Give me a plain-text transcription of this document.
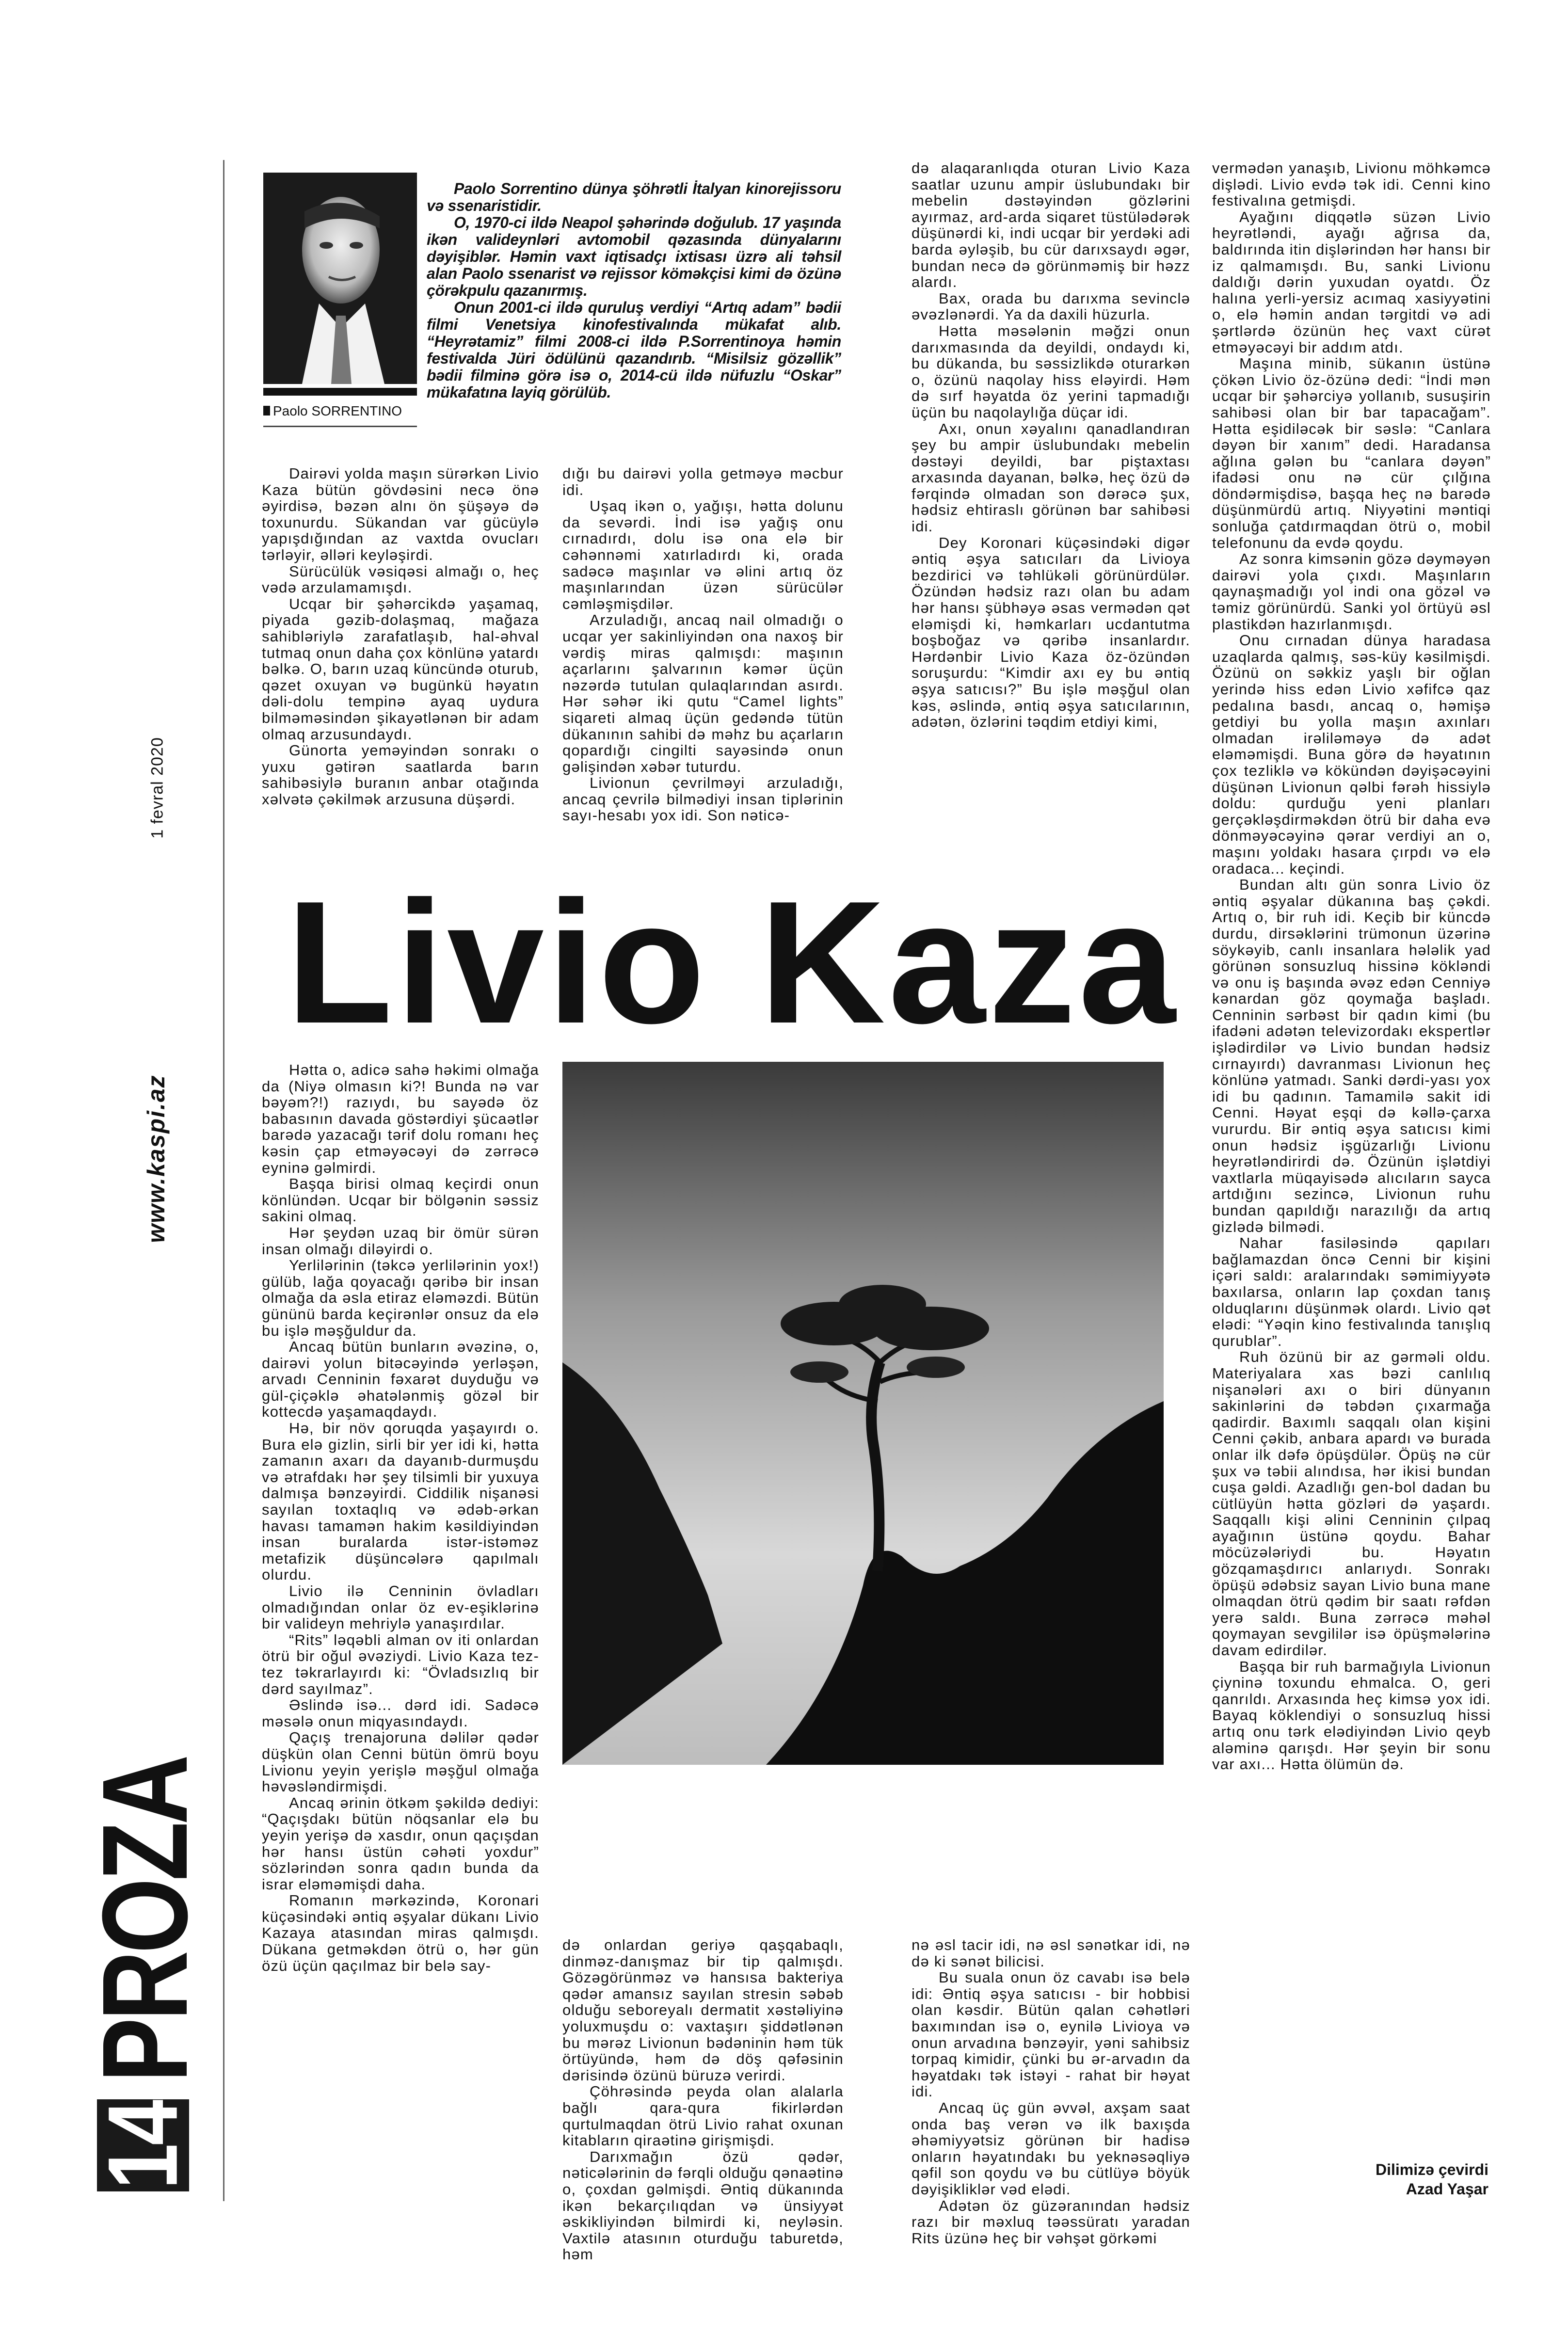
1 fevral 2020
www.kaspi.az
PROZA
14
Paolo SORRENTINO

Paolo Sorrentino dünya şöhrətli İtalyan kinorejissoru və ssenaristidir.

O, 1970-ci ildə Neapol şəhərində doğulub. 17 yaşında ikən valideynləri avtomobil qəzasında dünyalarını dəyişiblər. Həmin vaxt iqtisadçı ixtisası üzrə ali təhsil alan Paolo ssenarist və rejissor köməkçisi kimi də özünə çörəkpulu qazanırmış.

Onun 2001-ci ildə quruluş verdiyi “Artıq adam” bədii filmi Venetsiya kinofestivalında mükafat alıb. “Heyrətamiz” filmi 2008-ci ildə P.Sorrentinoya həmin festivalda Jüri ödülünü qazandırıb. “Misilsiz gözəllik” bədii filminə görə isə o, 2014-cü ildə nüfuzlu “Oskar” mükafatına layiq görülüb.

Dairəvi yolda maşın sürərkən Livio Kaza bütün gövdəsini necə önə əyirdisə, bəzən alnı ön şüşəyə də toxunurdu. Sükandan var gücüylə yapışdığından az vaxtda ovucları tərləyir, əlləri keyləşirdi.

Sürücülük vəsiqəsi almağı o, heç vədə arzulamamışdı.

Ucqar bir şəhərcikdə yaşamaq, piyada gəzib-dolaşmaq, mağaza sahibləriylə zarafatlaşıb, hal-əhval tutmaq onun daha çox könlünə yatardı bəlkə. O, barın uzaq küncündə oturub, qəzet oxuyan və bugünkü həyatın dəli-dolu tempinə ayaq uydura bilməməsindən şikayətlənən bir adam olmaq arzusundaydı.

Günorta yeməyindən sonrakı o yuxu gətirən saatlarda barın sahibəsiylə buranın anbar otağında xəlvətə çəkilmək arzusuna düşərdi.

dığı bu dairəvi yolla getməyə məcbur idi.

Uşaq ikən o, yağışı, hətta dolunu da sevərdi. İndi isə yağış onu cırnadırdı, dolu isə ona elə bir cəhənnəmi xatırladırdı ki, orada sadəcə maşınlar və əlini artıq öz maşınlarından üzən sürücülər cəmləşmişdilər.

Arzuladığı, ancaq nail olmadığı o ucqar yer sakinliyindən ona naxoş bir vərdiş miras qalmışdı: maşının açarlarını şalvarının kəmər üçün nəzərdə tutulan qulaqlarından asırdı. Hər səhər iki qutu “Camel lights” siqareti almaq üçün gedəndə tütün dükanının sahibi də məhz bu açarların qopardığı cingilti sayəsində onun gəlişindən xəbər tuturdu.

Livionun çevrilməyi arzuladığı, ancaq çevrilə bilmədiyi insan tiplərinin sayı-hesabı yox idi. Son nəticə-

də alaqaranlıqda oturan Livio Kaza saatlar uzunu ampir üslubundakı bir mebelin dəstəyindən gözlərini ayırmaz, ard-arda siqaret tüstülədərək düşünərdi ki, indi ucqar bir yerdəki adi barda əyləşib, bu cür darıxsaydı əgər, bundan necə də görünməmiş bir həzz alardı.

Bax, orada bu darıxma sevinclə əvəzlənərdi. Ya da daxili hüzurla.

Hətta məsələnin məğzi onun darıxmasında da deyildi, ondaydı ki, bu dükanda, bu səssizlikdə oturarkən o, özünü naqolay hiss eləyirdi. Həm də sırf həyatda öz yerini tapmadığı üçün bu naqolaylığa düçar idi.

Axı, onun xəyalını qanadlandıran şey bu ampir üslubundakı mebelin dəstəyi deyildi, bar piştaxtası arxasında dayanan, bəlkə, heç özü də fərqində olmadan son dərəcə şux, hədsiz ehtiraslı görünən bar sahibəsi idi.

Dey Koronari küçəsindəki digər əntiq əşya satıcıları da Livioya bezdirici və təhlükəli görünürdülər. Özündən hədsiz razı olan bu adam hər hansı şübhəyə əsas vermədən qət eləmişdi ki, həmkarları ucdantutma boşboğaz və qəribə insanlardır. Hərdənbir Livio Kaza öz-özündən soruşurdu: “Kimdir axı ey bu əntiq əşya satıcısı?” Bu işlə məşğul olan kəs, əslində, əntiq əşya satıcılarının, adətən, özlərini təqdim etdiyi kimi,

Livio Kaza

Hətta o, adicə sahə həkimi olmağa da (Niyə olmasın ki?! Bunda nə var bəyəm?!) razıydı, bu sayədə öz babasının davada göstərdiyi şücaətlər barədə yazacağı tərif dolu romanı heç kəsin çap etməyəcəyi də zərrəcə eyninə gəlmirdi.

Başqa birisi olmaq keçirdi onun könlündən. Ucqar bir bölgənin səssiz sakini olmaq.

Hər şeydən uzaq bir ömür sürən insan olmağı diləyirdi o.

Yerlilərinin (təkcə yerlilərinin yox!) gülüb, lağa qoyacağı qəribə bir insan olmağa da əsla etiraz eləməzdi. Bütün gününü barda keçirənlər onsuz da elə bu işlə məşğuldur da.

Ancaq bütün bunların əvəzinə, o, dairəvi yolun bitəcəyində yerləşən, arvadı Cenninin fəxarət duyduğu və gül-çiçəklə əhatələnmiş gözəl bir kottecdə yaşamaqdaydı.

Hə, bir növ qoruqda yaşayırdı o. Bura elə gizlin, sirli bir yer idi ki, hətta zamanın axarı da dayanıb-durmuşdu və ətrafdakı hər şey tilsimli bir yuxuya dalmışa bənzəyirdi. Ciddilik nişanəsi sayılan toxtaqlıq və ədəb-ərkan havası tamamən hakim kəsildiyindən insan buralarda istər-istəməz metafizik düşüncələrə qapılmalı olurdu.

Livio ilə Cenninin övladları olmadığından onlar öz ev-eşiklərinə bir valideyn mehriylə yanaşırdılar.

“Rits” ləqəbli alman ov iti onlardan ötrü bir oğul əvəziydi. Livio Kaza tez-tez təkrarlayırdı ki: “Övladsızlıq bir dərd sayılmaz”.

Əslində isə... dərd idi. Sadəcə məsələ onun miqyasındaydı.

Qaçış trenajoruna dəlilər qədər düşkün olan Cenni bütün ömrü boyu Livionu yeyin yerişlə məşğul olmağa həvəsləndirmişdi.

Ancaq ərinin ötkəm şəkildə dediyi: “Qaçışdakı bütün nöqsanlar elə bu yeyin yerişə də xasdır, onun qaçışdan hər hansı üstün cəhəti yoxdur” sözlərindən sonra qadın bunda da israr eləməmişdi daha.

Romanın mərkəzində, Koronari küçəsindəki əntiq əşyalar dükanı Livio Kazaya atasından miras qalmışdı. Dükana getməkdən ötrü o, hər gün özü üçün qaçılmaz bir belə say-

də onlardan geriyə qaşqabaqlı, dinməz-danışmaz bir tip qalmışdı. Gözəgörünməz və hansısa bakteriya qədər amansız sayılan stresin səbəb olduğu seboreyalı dermatit xəstəliyinə yoluxmuşdu o: vaxtaşırı şiddətlənən bu mərəz Livionun bədəninin həm tük örtüyündə, həm də döş qəfəsinin dərisində özünü büruzə verirdi.

Çöhrəsində peyda olan alalarla bağlı qara-qura fikirlərdən qurtulmaqdan ötrü Livio rahat oxunan kitabların qiraətinə girişmişdi.

Darıxmağın özü qədər, nəticələrinin də fərqli olduğu qənaətinə o, çoxdan gəlmişdi. Əntiq dükanında ikən bekarçılıqdan və ünsiyyət əskikliyindən bilmirdi ki, neyləsin. Vaxtilə atasının oturduğu taburetdə, həm

nə əsl tacir idi, nə əsl sənətkar idi, nə də ki sənət bilicisi.

Bu suala onun öz cavabı isə belə idi: Əntiq əşya satıcısı - bir hobbisi olan kəsdir. Bütün qalan cəhətləri baxımından isə o, eynilə Livioya və onun arvadına bənzəyir, yəni sahibsiz torpaq kimidir, çünki bu ər-arvadın da həyatdakı tək istəyi - rahat bir həyat idi.

Ancaq üç gün əvvəl, axşam saat onda baş verən və ilk baxışda əhəmiyyətsiz görünən bir hadisə onların həyatındakı bu yeknəsəqliyə qəfil son qoydu və bu cütlüyə böyük dəyişikliklər vəd elədi.

Adətən öz güzəranından hədsiz razı bir məxluq təəssüratı yaradan Rits üzünə heç bir vəhşət görkəmi

vermədən yanaşıb, Livionu möhkəmcə dişlədi. Livio evdə tək idi. Cenni kino festivalına getmişdi.

Ayağını diqqətlə süzən Livio heyrətləndi, ayağı ağrısa da, baldırında itin dişlərindən hər hansı bir iz qalmamışdı. Bu, sanki Livionu daldığı dərin yuxudan oyatdı. Öz halına yerli-yersiz acımaq xasiyyətini o, elə həmin andan tərgitdi və adi şərtlərdə özünün heç vaxt cürət etməyəcəyi bir addım atdı.

Maşına minib, sükanın üstünə çökən Livio öz-özünə dedi: “İndi mən ucqar bir şəhərciyə yollanıb, susuşirin sahibəsi olan bir bar tapacağam”. Hətta eşidiləcək bir səslə: “Canlara dəyən bir xanım” dedi. Haradansa ağlına gələn bu “canlara dəyən” ifadəsi onu nə cür çılğına döndərmişdisə, başqa heç nə barədə düşünmürdü artıq. Niyyətini məntiqi sonluğa çatdırmaqdan ötrü o, mobil telefonunu da evdə qoydu.

Az sonra kimsənin gözə dəyməyən dairəvi yola çıxdı. Maşınların qaynaşmadığı yol indi ona gözəl və təmiz görünürdü. Sanki yol örtüyü əsl plastikdən hazırlanmışdı.

Onu cırnadan dünya haradasa uzaqlarda qalmış, səs-küy kəsilmişdi. Özünü on səkkiz yaşlı bir oğlan yerində hiss edən Livio xəfifcə qaz pedalına basdı, ancaq o, həmişə getdiyi bu yolla maşın axınları olmadan irəliləməyə də adət eləməmişdi. Buna görə də həyatının çox tezliklə və kökündən dəyişəcəyini düşünən Livionun qəlbi fərəh hissiylə doldu: qurduğu yeni planları gerçəkləşdirməkdən ötrü bir daha evə dönməyəcəyinə qərar verdiyi an o, maşını yoldakı hasara çırpdı və elə oradaca... keçindi.

Bundan altı gün sonra Livio öz əntiq əşyalar dükanına baş çəkdi. Artıq o, bir ruh idi. Keçib bir küncdə durdu, dirsəklərini trümonun üzərinə söykəyib, canlı insanlara hələlik yad görünən sonsuzluq hissinə kökləndi və onu iş başında əvəz edən Cenniyə kənardan göz qoymağa başladı. Cenninin sərbəst bir qadın kimi (bu ifadəni adətən televizordakı ekspertlər işlədirdilər və Livio bundan hədsiz cırnayırdı) davranması Livionun heç könlünə yatmadı. Sanki dərdi-yası yox idi bu qadının. Tamamilə sakit idi Cenni. Həyat eşqi də kəllə-çarxa vururdu. Bir əntiq əşya satıcısı kimi onun hədsiz işgüzarlığı Livionu heyrətləndirirdi də. Özünün işlətdiyi vaxtlarla müqayisədə alıcıların sayca artdığını sezincə, Livionun ruhu bundan qapıldığı narazılığı da artıq gizlədə bilmədi.

Nahar fasiləsində qapıları bağlamazdan öncə Cenni bir kişini içəri saldı: aralarındakı səmimiyyətə baxılarsa, onların lap çoxdan tanış olduqlarını düşünmək olardı. Livio qət elədi: “Yəqin kino festivalında tanışlıq qurublar”.

Ruh özünü bir az gərməli oldu. Materiyalara xas bəzi canlılıq nişanələri axı o biri dünyanın sakinlərini də təbdən çıxarmağa qadirdir. Baxımlı saqqalı olan kişini Cenni çəkib, anbara apardı və burada onlar ilk dəfə öpüşdülər. Öpüş nə cür şux və təbii alındısa, hər ikisi bundan cuşa gəldi. Azadlığı gen-bol dadan bu cütlüyün hətta gözləri də yaşardı. Saqqallı kişi əlini Cenninin çılpaq ayağının üstünə qoydu. Bahar möcüzələriydi bu. Həyatın gözqamaşdırıcı anlarıydı. Sonrakı öpüşü ədəbsiz sayan Livio buna mane olmaqdan ötrü qədim bir saatı rəfdən yerə saldı. Buna zərrəcə məhəl qoymayan sevgililər isə öpüşmələrinə davam edirdilər.

Başqa bir ruh barmağıyla Livionun çiyninə toxundu ehmalca. O, geri qanrıldı. Arxasında heç kimsə yox idi. Bayaq köklendiyi o sonsuzluq hissi artıq onu tərk elədiyindən Livio qeyb aləminə qarışdı. Hər şeyin bir sonu var axı... Hətta ölümün də.

Dilimizə çevirdi
Azad Yaşar
